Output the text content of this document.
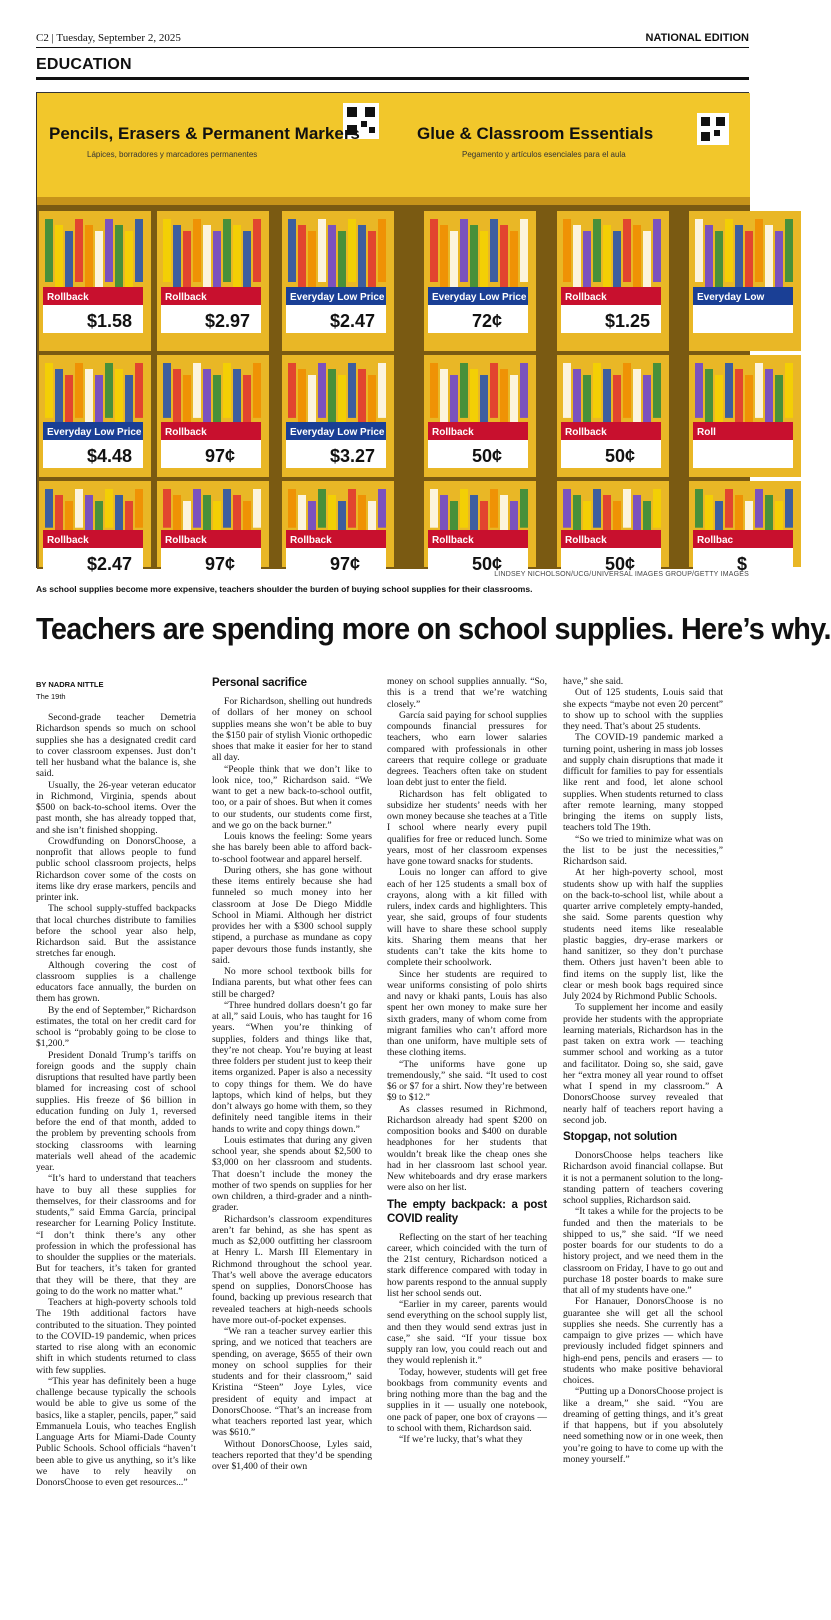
C2 | Tuesday, September 2, 2025	NATIONAL EDITION
EDUCATION
Pencils, Erasers & Permanent Markers
Lápices, borradores y marcadores permanentes
Glue & Classroom Essentials
Pegamento y artículos esenciales para el aula
Rollback
$1.58
Rollback
$2.97
Everyday Low Price
$2.47
Everyday Low Price
72¢
Rollback
$1.25
Everyday Low
Everyday Low Price
$4.48
Rollback
97¢
Everyday Low Price
$3.27
Rollback
50¢
Rollback
50¢
Roll
Rollback
$2.47
Rollback
97¢
Rollback
97¢
Rollback
50¢
Rollback
50¢
Rollbac
$
LINDSEY NICHOLSON/UCG/UNIVERSAL IMAGES GROUP/GETTY IMAGES
As school supplies become more expensive, teachers shoulder the burden of buying school supplies for their classrooms.
Teachers are spending more on school supplies. Here’s why.
BY NADRA NITTLE
The 19th

Second-grade teacher Demetria Richardson spends so much on school supplies she has a designated credit card to cover classroom expenses. Just don’t tell her husband what the balance is, she said.

Usually, the 26-year veteran educator in Richmond, Virginia, spends about $500 on back-to-school items. Over the past month, she has already topped that, and she isn’t finished shopping.

Crowdfunding on DonorsChoose, a nonprofit that allows people to fund public school classroom projects, helps Richardson cover some of the costs on items like dry erase markers, pencils and printer ink.

The school supply-stuffed backpacks that local churches distribute to families before the school year also help, Richardson said. But the assistance stretches far enough.

Although covering the cost of classroom supplies is a challenge educators face annually, the burden on them has grown.

By the end of September,” Richardson estimates, the total on her credit card for school is “probably going to be close to $1,200.”

President Donald Trump’s tariffs on foreign goods and the supply chain disruptions that resulted have partly been blamed for increasing cost of school supplies. His freeze of $6 billion in education funding on July 1, reversed before the end of that month, added to the problem by preventing schools from stocking classrooms with learning materials well ahead of the academic year.

“It’s hard to understand that teachers have to buy all these supplies for themselves, for their classrooms and for students,” said Emma García, principal researcher for Learning Policy Institute. “I don’t think there’s any other profession in which the professional has to shoulder the supplies or the materials. But for teachers, it’s taken for granted that they will be there, that they are going to do the work no matter what.”

Teachers at high-poverty schools told The 19th additional factors have contributed to the situation. They pointed to the COVID-19 pandemic, when prices started to rise along with an economic shift in which students returned to class with few supplies.

“This year has definitely been a huge challenge because typically the schools would be able to give us some of the basics, like a stapler, pencils, paper,” said Emmanuela Louis, who teaches English Language Arts for Miami-Dade County Public Schools. School officials “haven’t been able to give us anything, so it’s like we have to rely heavily on DonorsChoose to even get resources...”

Personal sacrifice

For Richardson, shelling out hundreds of dollars of her money on school supplies means she won’t be able to buy the $150 pair of stylish Vionic orthopedic shoes that make it easier for her to stand all day.

“People think that we don’t like to look nice, too,” Richardson said. “We want to get a new back-to-school outfit, too, or a pair of shoes. But when it comes to our students, our students come first, and we go on the back burner.”

Louis knows the feeling: Some years she has barely been able to afford back-to-school footwear and apparel herself.

During others, she has gone without these items entirely because she had funneled so much money into her classroom at Jose De Diego Middle School in Miami. Although her district provides her with a $300 school supply stipend, a purchase as mundane as copy paper devours those funds instantly, she said.

No more school textbook bills for Indiana parents, but what other fees can still be charged?

“Three hundred dollars doesn’t go far at all,” said Louis, who has taught for 16 years. “When you’re thinking of supplies, folders and things like that, they’re not cheap. You’re buying at least three folders per student just to keep their items organized. Paper is also a necessity to copy things for them. We do have laptops, which kind of helps, but they don’t always go home with them, so they definitely need tangible items in their hands to write and copy things down.”

Louis estimates that during any given school year, she spends about $2,500 to $3,000 on her classroom and students. That doesn’t include the money the mother of two spends on supplies for her own children, a third-grader and a ninth-grader.

Richardson’s classroom expenditures aren’t far behind, as she has spent as much as $2,000 outfitting her classroom at Henry L. Marsh III Elementary in Richmond throughout the school year. That’s well above the average educators spend on supplies, DonorsChoose has found, backing up previous research that revealed teachers at high-needs schools have more out-of-pocket expenses.

“We ran a teacher survey earlier this spring, and we noticed that teachers are spending, on average, $655 of their own money on school supplies for their students and for their classroom,” said Kristina “Steen” Joye Lyles, vice president of equity and impact at DonorsChoose. “That’s an increase from what teachers reported last year, which was $610.”

Without DonorsChoose, Lyles said, teachers reported that they’d be spending over $1,400 of their own

money on school supplies annually. “So, this is a trend that we’re watching closely.”

García said paying for school supplies compounds financial pressures for teachers, who earn lower salaries compared with professionals in other careers that require college or graduate degrees. Teachers often take on student loan debt just to enter the field.

Richardson has felt obligated to subsidize her students’ needs with her own money because she teaches at a Title I school where nearly every pupil qualifies for free or reduced lunch. Some years, most of her classroom expenses have gone toward snacks for students.

Louis no longer can afford to give each of her 125 students a small box of crayons, along with a kit filled with rulers, index cards and highlighters. This year, she said, groups of four students will have to share these school supply kits. Sharing them means that her students can’t take the kits home to complete their schoolwork.

Since her students are required to wear uniforms consisting of polo shirts and navy or khaki pants, Louis has also spent her own money to make sure her sixth graders, many of whom come from migrant families who can’t afford more than one uniform, have multiple sets of these clothing items.

“The uniforms have gone up tremendously,” she said. “It used to cost $6 or $7 for a shirt. Now they’re between $9 to $12.”

As classes resumed in Richmond, Richardson already had spent $200 on composition books and $400 on durable headphones for her students that wouldn’t break like the cheap ones she had in her classroom last school year. New whiteboards and dry erase markers were also on her list.

The empty backpack: a post COVID reality

Reflecting on the start of her teaching career, which coincided with the turn of the 21st century, Richardson noticed a stark difference compared with today in how parents respond to the annual supply list her school sends out.

“Earlier in my career, parents would send everything on the school supply list, and then they would send extras just in case,” she said. “If your tissue box supply ran low, you could reach out and they would replenish it.”

Today, however, students will get free bookbags from community events and bring nothing more than the bag and the supplies in it — usually one notebook, one pack of paper, one box of crayons — to school with them, Richardson said.

“If we’re lucky, that’s what they

have,” she said.

Out of 125 students, Louis said that she expects “maybe not even 20 percent” to show up to school with the supplies they need. That’s about 25 students.

The COVID-19 pandemic marked a turning point, ushering in mass job losses and supply chain disruptions that made it difficult for families to pay for essentials like rent and food, let alone school supplies. When students returned to class after remote learning, many stopped bringing the items on supply lists, teachers told The 19th.

“So we tried to minimize what was on the list to be just the necessities,” Richardson said.

At her high-poverty school, most students show up with half the supplies on the back-to-school list, while about a quarter arrive completely empty-handed, she said. Some parents question why students need items like resealable plastic baggies, dry-erase markers or hand sanitizer, so they don’t purchase them. Others just haven’t been able to find items on the supply list, like the clear or mesh book bags required since July 2024 by Richmond Public Schools.

To supplement her income and easily provide her students with the appropriate learning materials, Richardson has in the past taken on extra work — teaching summer school and working as a tutor and facilitator. Doing so, she said, gave her “extra money all year round to offset what I spend in my classroom.” A DonorsChoose survey revealed that nearly half of teachers report having a second job.

Stopgap, not solution

DonorsChoose helps teachers like Richardson avoid financial collapse. But it is not a permanent solution to the long-standing pattern of teachers covering school supplies, Richardson said.

“It takes a while for the projects to be funded and then the materials to be shipped to us,” she said. “If we need poster boards for our students to do a history project, and we need them in the classroom on Friday, I have to go out and purchase 18 poster boards to make sure that all of my students have one.”

For Hanauer, DonorsChoose is no guarantee she will get all the school supplies she needs. She currently has a campaign to give prizes — which have previously included fidget spinners and high-end pens, pencils and erasers — to students who make positive behavioral choices.

“Putting up a DonorsChoose project is like a dream,” she said. “You are dreaming of getting things, and it’s great if that happens, but if you absolutely need something now or in one week, then you’re going to have to come up with the money yourself.”
